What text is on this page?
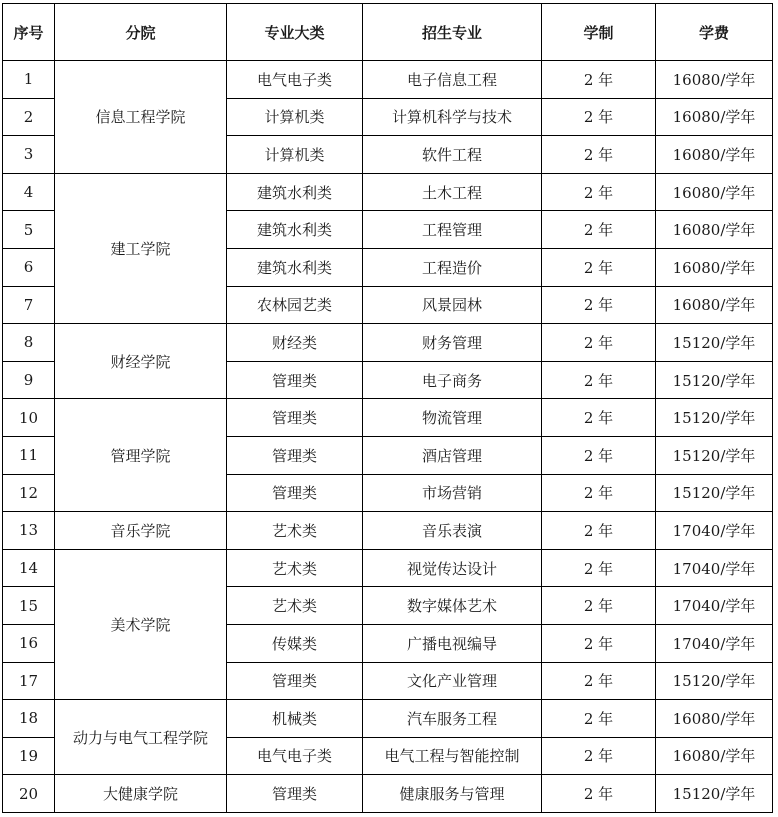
序号	分院	专业大类	招生专业	学制	学费
1	信息工程学院	电气电子类	电子信息工程	2 年	16080/学年
2		计算机类	计算机科学与技术	2 年	16080/学年
3		计算机类	软件工程	2 年	16080/学年
4	建工学院	建筑水利类	土木工程	2 年	16080/学年
5		建筑水利类	工程管理	2 年	16080/学年
6		建筑水利类	工程造价	2 年	16080/学年
7		农林园艺类	风景园林	2 年	16080/学年
8	财经学院	财经类	财务管理	2 年	15120/学年
9		管理类	电子商务	2 年	15120/学年
10	管理学院	管理类	物流管理	2 年	15120/学年
11		管理类	酒店管理	2 年	15120/学年
12		管理类	市场营销	2 年	15120/学年
13	音乐学院	艺术类	音乐表演	2 年	17040/学年
14	美术学院	艺术类	视觉传达设计	2 年	17040/学年
15		艺术类	数字媒体艺术	2 年	17040/学年
16		传媒类	广播电视编导	2 年	17040/学年
17		管理类	文化产业管理	2 年	15120/学年
18	动力与电气工程学院	机械类	汽车服务工程	2 年	16080/学年
19		电气电子类	电气工程与智能控制	2 年	16080/学年
20	大健康学院	管理类	健康服务与管理	2 年	15120/学年
